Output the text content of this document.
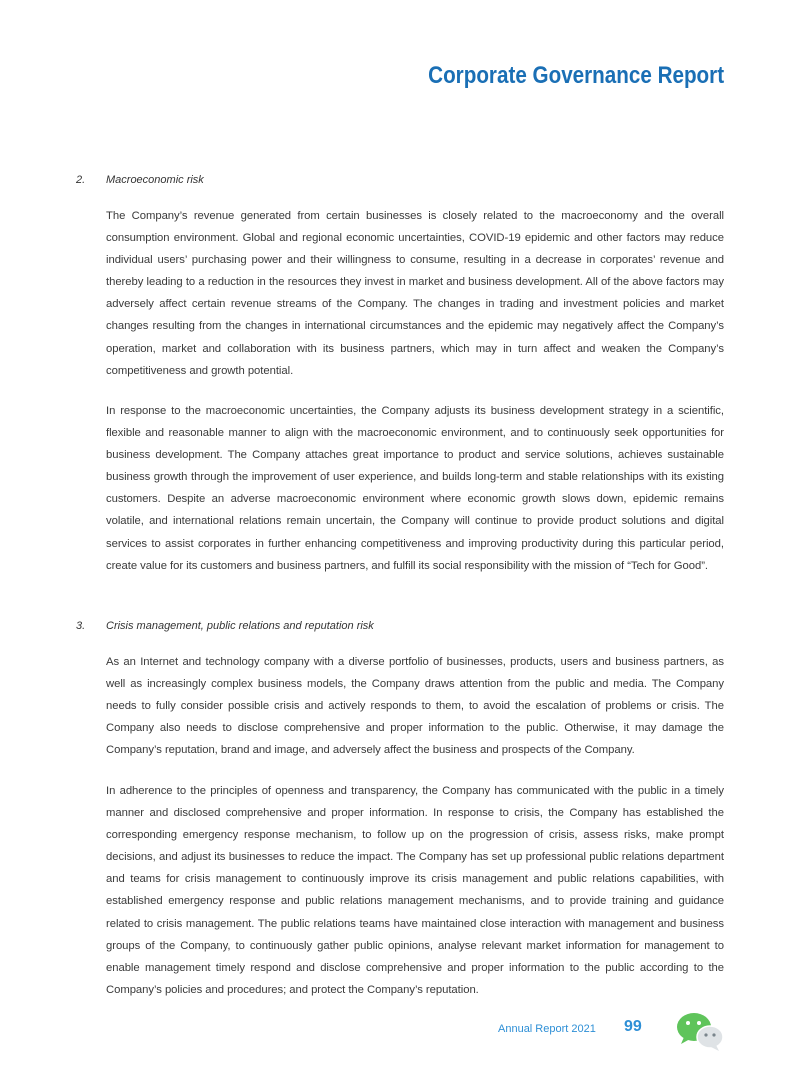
Corporate Governance Report
2. Macroeconomic risk

The Company’s revenue generated from certain businesses is closely related to the macroeconomy and the overall consumption environment. Global and regional economic uncertainties, COVID-19 epidemic and other factors may reduce individual users’ purchasing power and their willingness to consume, resulting in a decrease in corporates’ revenue and thereby leading to a reduction in the resources they invest in market and business development. All of the above factors may adversely affect certain revenue streams of the Company. The changes in trading and investment policies and market changes resulting from the changes in international circumstances and the epidemic may negatively affect the Company’s operation, market and collaboration with its business partners, which may in turn affect and weaken the Company’s competitiveness and growth potential.

In response to the macroeconomic uncertainties, the Company adjusts its business development strategy in a scientific, flexible and reasonable manner to align with the macroeconomic environment, and to continuously seek opportunities for business development. The Company attaches great importance to product and service solutions, achieves sustainable business growth through the improvement of user experience, and builds long-term and stable relationships with its existing customers. Despite an adverse macroeconomic environment where economic growth slows down, epidemic remains volatile, and international relations remain uncertain, the Company will continue to provide product solutions and digital services to assist corporates in further enhancing competitiveness and improving productivity during this particular period, create value for its customers and business partners, and fulfill its social responsibility with the mission of “Tech for Good”.

3. Crisis management, public relations and reputation risk

As an Internet and technology company with a diverse portfolio of businesses, products, users and business partners, as well as increasingly complex business models, the Company draws attention from the public and media. The Company needs to fully consider possible crisis and actively responds to them, to avoid the escalation of problems or crisis. The Company also needs to disclose comprehensive and proper information to the public. Otherwise, it may damage the Company’s reputation, brand and image, and adversely affect the business and prospects of the Company.

In adherence to the principles of openness and transparency, the Company has communicated with the public in a timely manner and disclosed comprehensive and proper information. In response to crisis, the Company has established the corresponding emergency response mechanism, to follow up on the progression of crisis, assess risks, make prompt decisions, and adjust its businesses to reduce the impact. The Company has set up professional public relations department and teams for crisis management to continuously improve its crisis management and public relations capabilities, with established emergency response and public relations management mechanisms, and to provide training and guidance related to crisis management. The public relations teams have maintained close interaction with management and business groups of the Company, to continuously gather public opinions, analyse relevant market information for management to enable management timely respond and disclose comprehensive and proper information to the public according to the Company’s policies and procedures; and protect the Company’s reputation.

Annual Report 2021 99
